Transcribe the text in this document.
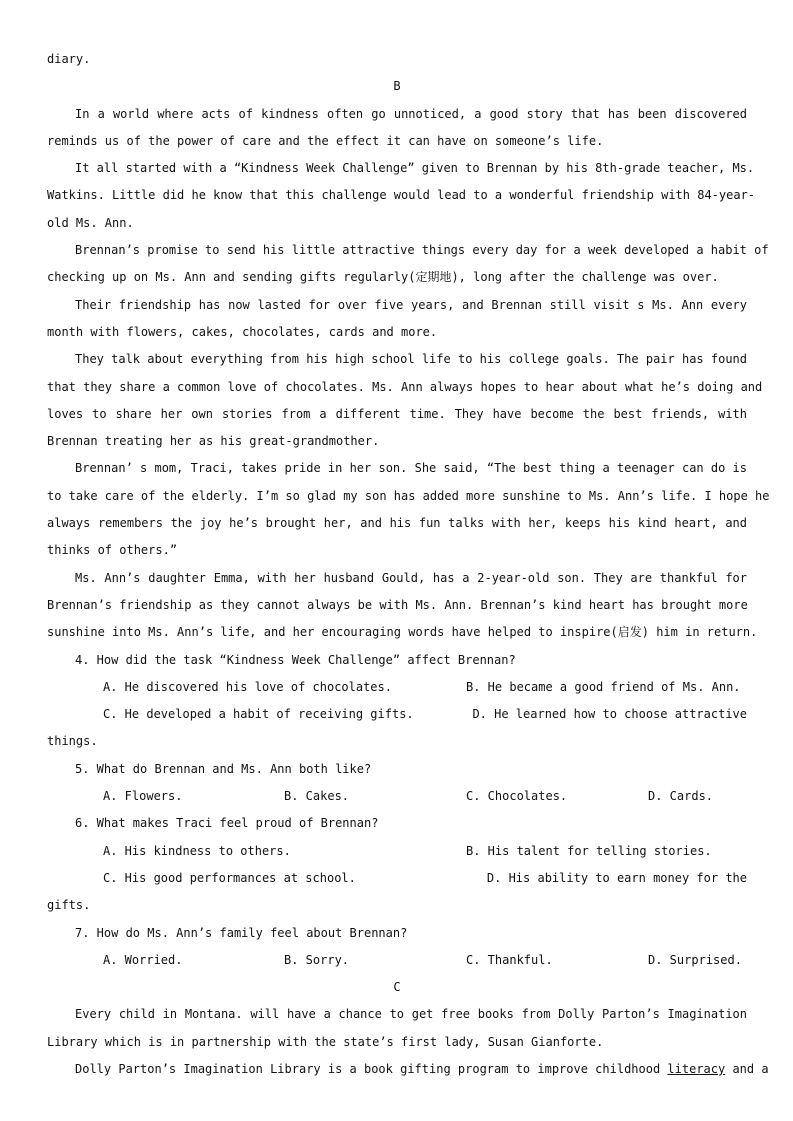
diary.
B
In a world where acts of kindness often go unnoticed, a good story that has been discovered
reminds us of the power of care and the effect it can have on someone’s life.
It all started with a “Kindness Week Challenge” given to Brennan by his 8th-grade teacher, Ms.
Watkins. Little did he know that this challenge would lead to a wonderful friendship with 84-year-
old Ms. Ann.
Brennan’s promise to send his little attractive things every day for a week developed a habit of
checking up on Ms. Ann and sending gifts regularly(定期地), long after the challenge was over.
Their friendship has now lasted for over five years, and Brennan still visit s Ms. Ann every
month with flowers, cakes, chocolates, cards and more.
They talk about everything from his high school life to his college goals. The pair has found
that they share a common love of chocolates. Ms. Ann always hopes to hear about what he’s doing and
loves to share her own stories from a different time. They have become the best friends, with
Brennan treating her as his great-grandmother.
Brennan’ s mom, Traci, takes pride in her son. She said, “The best thing a teenager can do is
to take care of the elderly. I’m so glad my son has added more sunshine to Ms. Ann’s life. I hope he
always remembers the joy he’s brought her, and his fun talks with her, keeps his kind heart, and
thinks of others.”
Ms. Ann’s daughter Emma, with her husband Gould, has a 2-year-old son. They are thankful for
Brennan’s friendship as they cannot always be with Ms. Ann. Brennan’s kind heart has brought more
sunshine into Ms. Ann’s life, and her encouraging words have helped to inspire(启发) him in return.
4. How did the task “Kindness Week Challenge” affect Brennan?
A. He discovered his love of chocolates.	B. He became a good friend of Ms. Ann.
C. He developed a habit of receiving gifts.	D. He learned how to choose attractive
things.
5. What do Brennan and Ms. Ann both like?
A. Flowers.	B. Cakes.	C. Chocolates.	D. Cards.
6. What makes Traci feel proud of Brennan?
A. His kindness to others.	B. His talent for telling stories.
C. His good performances at school.	D. His ability to earn money for the
gifts.
7. How do Ms. Ann’s family feel about Brennan?
A. Worried.	B. Sorry.	C. Thankful.	D. Surprised.
C
Every child in Montana. will have a chance to get free books from Dolly Parton’s Imagination
Library which is in partnership with the state’s first lady, Susan Gianforte.
Dolly Parton’s Imagination Library is a book gifting program to improve childhood literacy and a
